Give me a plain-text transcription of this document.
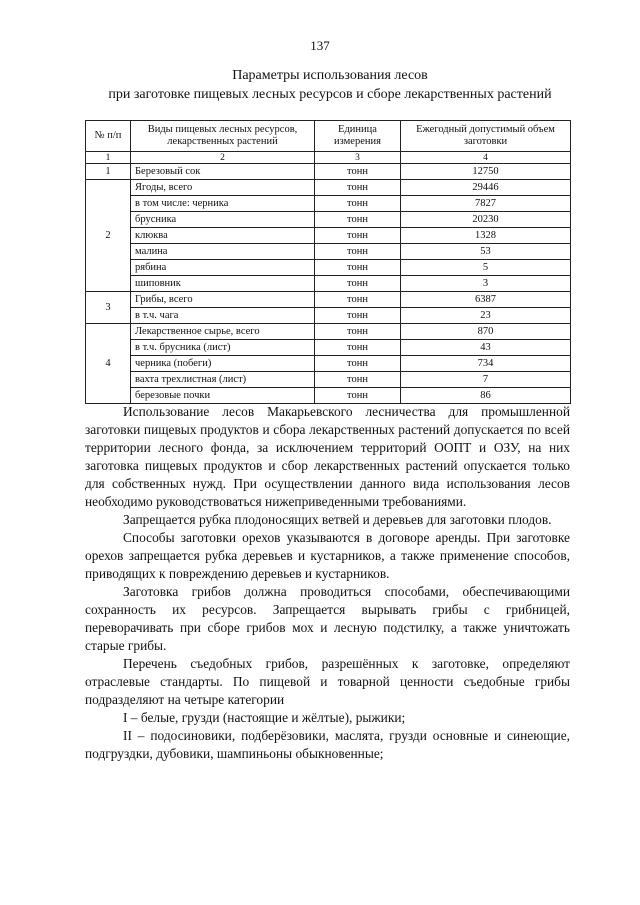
137
Параметры использования лесов
при заготовке пищевых лесных ресурсов и сборе лекарственных растений
№ п/п	Виды пищевых лесных ресурсов, лекарственных растений	Единица измерения	Ежегодный допустимый объем заготовки
1	2	3	4
1	Березовый сок	тонн	12750
2	Ягоды, всего	тонн	29446
	в том числе: черника	тонн	7827
	брусника	тонн	20230
	клюква	тонн	1328
	малина	тонн	53
	рябина	тонн	5
	шиповник	тонн	3
3	Грибы, всего	тонн	6387
	в т.ч. чага	тонн	23
4	Лекарственное сырье, всего	тонн	870
	в т.ч. брусника (лист)	тонн	43
	черника (побеги)	тонн	734
	вахта трехлистная (лист)	тонн	7
	березовые почки	тонн	86

Использование лесов Макарьевского лесничества для промышленной заготовки пищевых продуктов и сбора лекарственных растений допускается по всей территории лесного фонда, за исключением территорий ООПТ и ОЗУ, на них заготовка пищевых продуктов и сбор лекарственных растений опускается только для собственных нужд. При осуществлении данного вида использования лесов необходимо руководствоваться нижеприведенными требованиями.

Запрещается рубка плодоносящих ветвей и деревьев для заготовки плодов.

Способы заготовки орехов указываются в договоре аренды. При заготовке орехов запрещается рубка деревьев и кустарников, а также применение способов, приводящих к повреждению деревьев и кустарников.

Заготовка грибов должна проводиться способами, обеспечивающими сохранность их ресурсов. Запрещается вырывать грибы с грибницей, переворачивать при сборе грибов мох и лесную подстилку, а также уничтожать старые грибы.

Перечень съедобных грибов, разрешённых к заготовке, определяют отраслевые стандарты. По пищевой и товарной ценности съедобные грибы подразделяют на четыре категории

I – белые, грузди (настоящие и жёлтые), рыжики;

II – подосиновики, подберёзовики, маслята, грузди основные и синеющие, подгруздки, дубовики, шампиньоны обыкновенные;
